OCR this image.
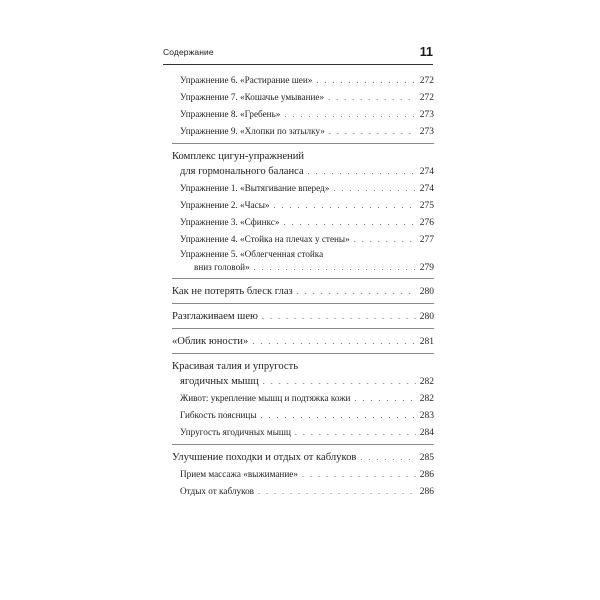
Содержание	11
Упражнение 6. «Растирание шеи» . . .	272
Упражнение 7. «Кошачье умывание» . . .	272
Упражнение 8. «Гребень» . . .	273
Упражнение 9. «Хлопки по затылку» . . .	273
Комплекс цигун-упражнений
для гормонального баланса . . .	274
Упражнение 1. «Вытягивание вперед» . . .	274
Упражнение 2. «Часы» . . .	275
Упражнение 3. «Сфинкс» . . .	276
Упражнение 4. «Стойка на плечах у стены» . . .	277
Упражнение 5. «Облегченная стойка
вниз головой» . . .	279
Как не потерять блеск глаз . . .	280
Разглаживаем шею . . .	280
«Облик юности» . . .	281
Красивая талия и упругость
ягодичных мышц . . .	282
Живот: укрепление мышц и подтяжка кожи . . .	282
Гибкость поясницы . . .	283
Упругость ягодичных мышц . . .	284
Улучшение походки и отдых от каблуков . . .	285
Прием массажа «выжимание» . . .	286
Отдых от каблуков . . .	286
